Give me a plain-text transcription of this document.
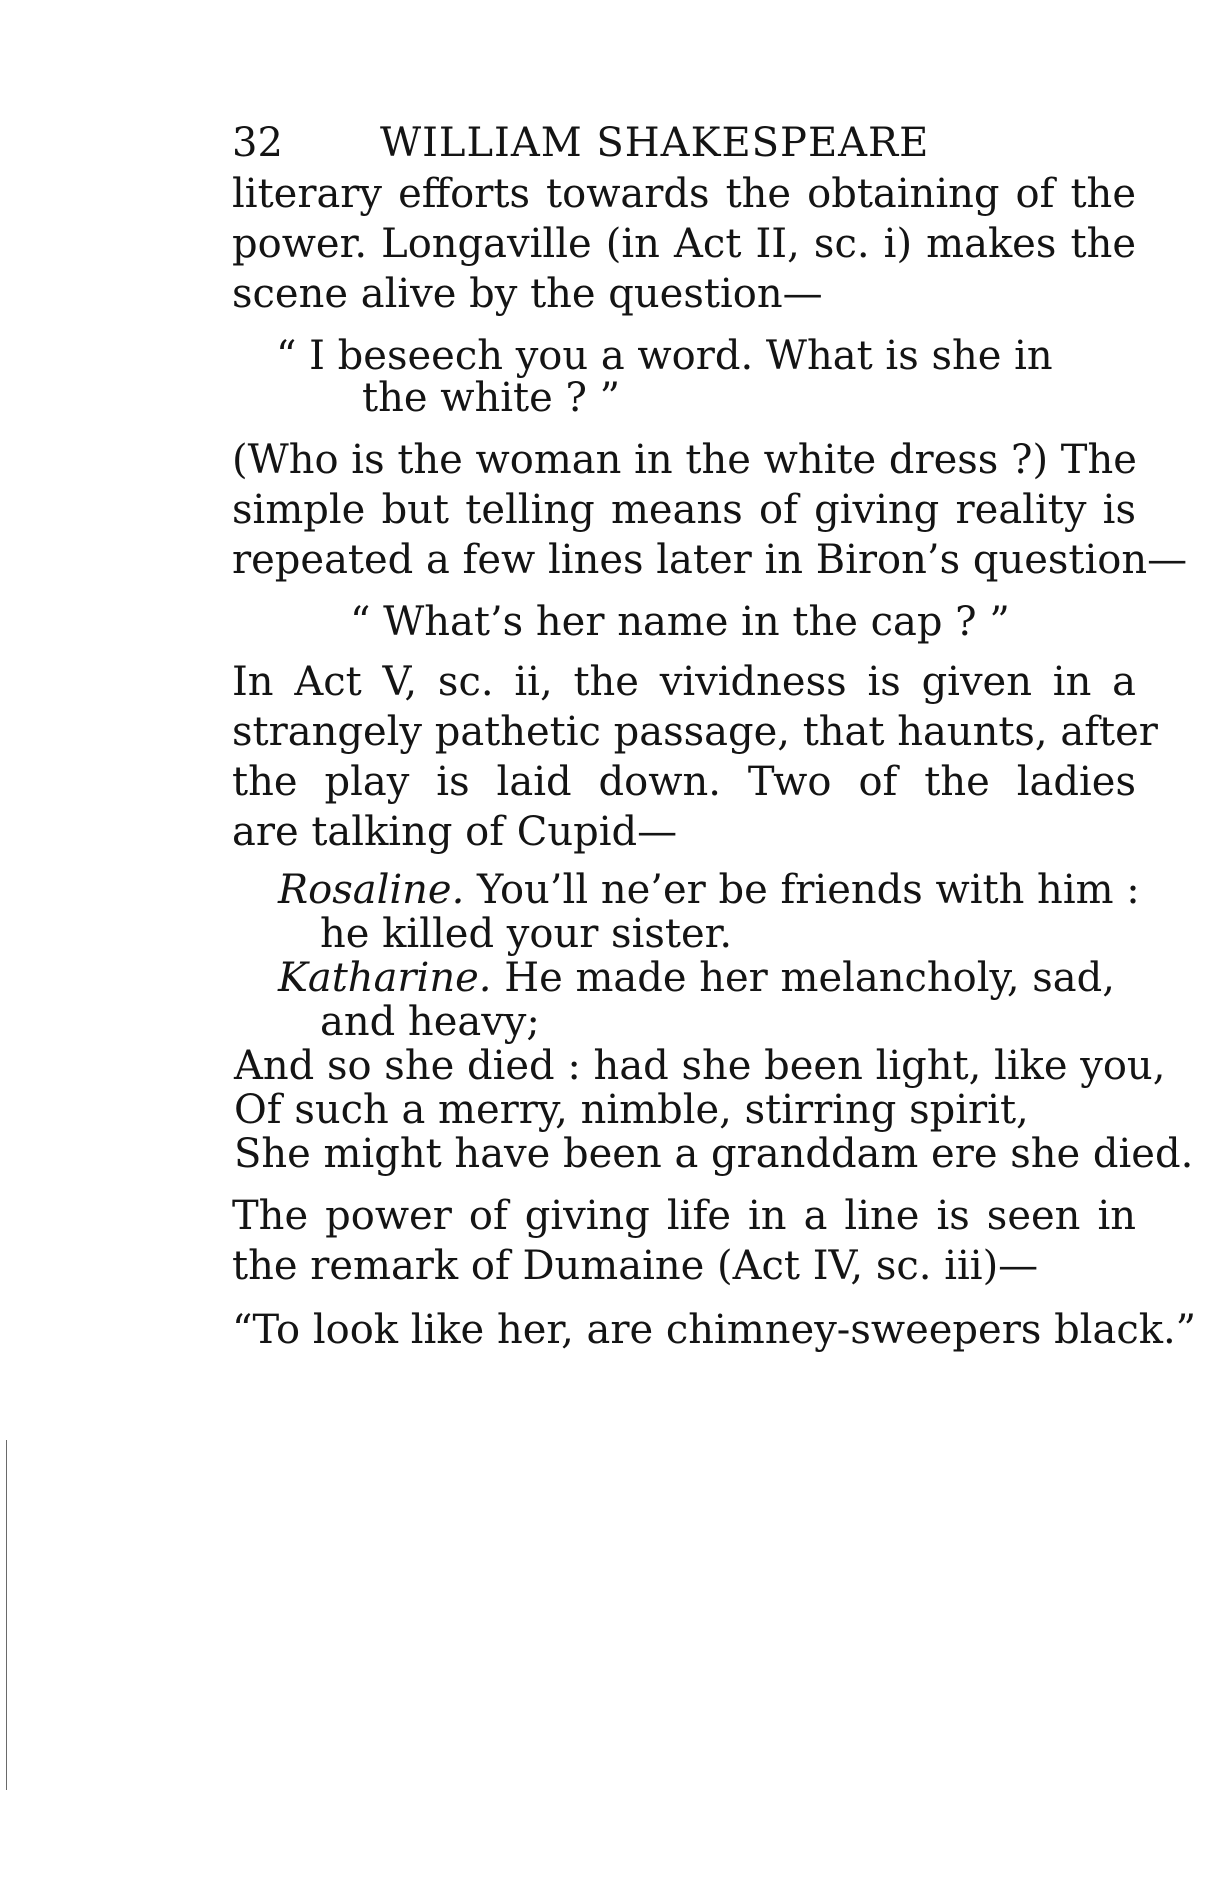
32 WILLIAM SHAKESPEARE
literary efforts towards the obtaining of the
power. Longaville (in Act II, sc. i) makes the
scene alive by the question—
“ I beseech you a word. What is she in
the white ? ”
(Who is the woman in the white dress ?) The
simple but telling means of giving reality is
repeated a few lines later in Biron’s question—
“ What’s her name in the cap ? ”
In Act V, sc. ii, the vividness is given in a
strangely pathetic passage, that haunts, after
the play is laid down. Two of the ladies
are talking of Cupid—
Rosaline. You’ll ne’er be friends with him :
he killed your sister.
Katharine. He made her melancholy, sad,
and heavy;
And so she died : had she been light, like you,
Of such a merry, nimble, stirring spirit,
She might have been a granddam ere she died.
The power of giving life in a line is seen in
the remark of Dumaine (Act IV, sc. iii)—
“To look like her, are chimney-sweepers black.”
